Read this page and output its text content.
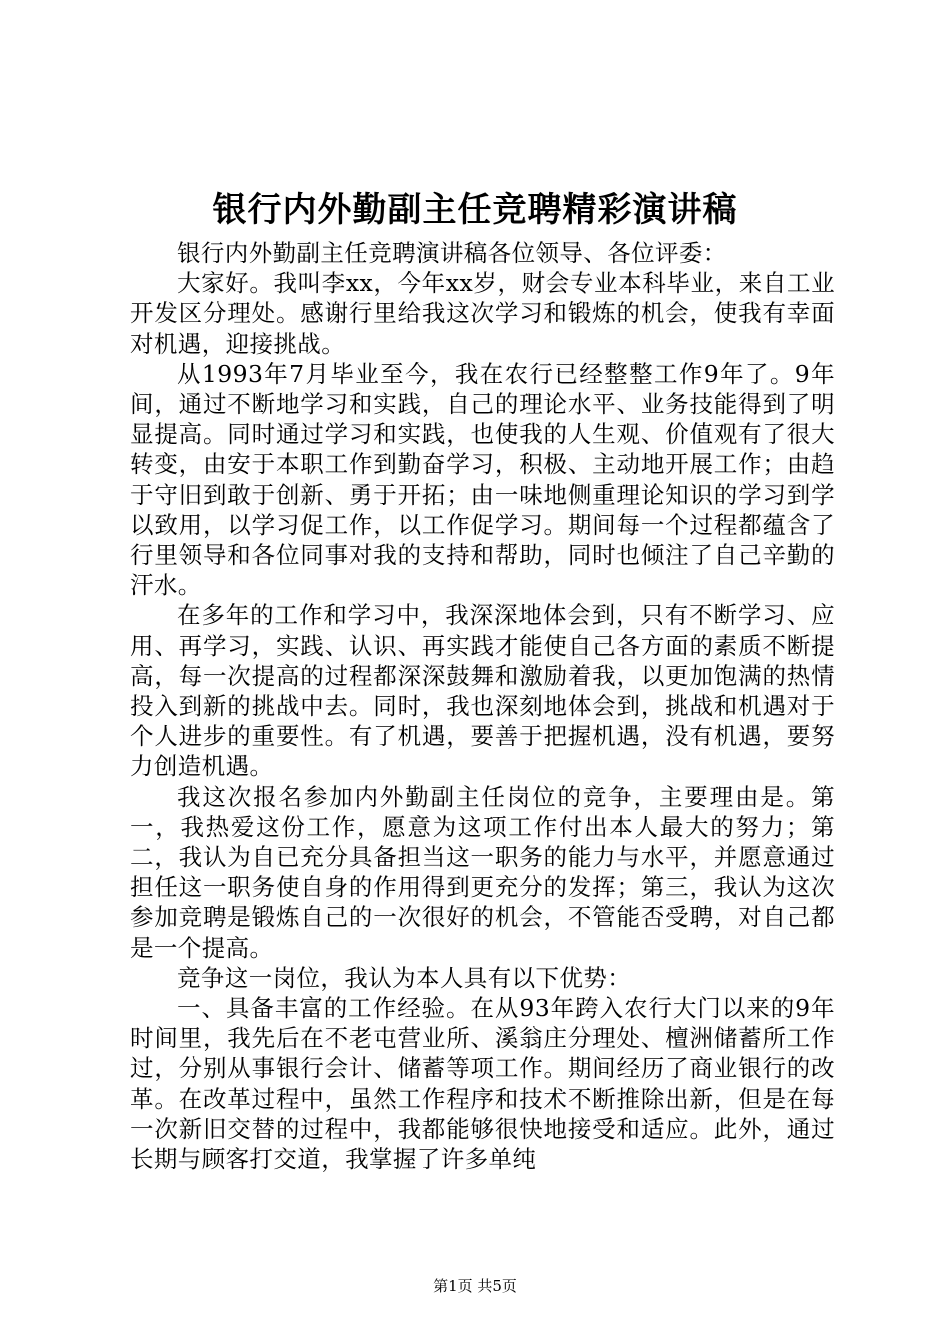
银行内外勤副主任竞聘精彩演讲稿

银行内外勤副主任竞聘演讲稿各位领导、各位评委：

大家好。我叫李xx，今年xx岁，财会专业本科毕业，来自工业开发区分理处。感谢行里给我这次学习和锻炼的机会，使我有幸面对机遇，迎接挑战。

从1993年7月毕业至今，我在农行已经整整工作9年了。9年间，通过不断地学习和实践，自己的理论水平、业务技能得到了明显提高。同时通过学习和实践，也使我的人生观、价值观有了很大转变，由安于本职工作到勤奋学习，积极、主动地开展工作；由趋于守旧到敢于创新、勇于开拓；由一味地侧重理论知识的学习到学以致用，以学习促工作，以工作促学习。期间每一个过程都蕴含了行里领导和各位同事对我的支持和帮助，同时也倾注了自己辛勤的汗水。

在多年的工作和学习中，我深深地体会到，只有不断学习、应用、再学习，实践、认识、再实践才能使自己各方面的素质不断提高，每一次提高的过程都深深鼓舞和激励着我，以更加饱满的热情投入到新的挑战中去。同时，我也深刻地体会到，挑战和机遇对于个人进步的重要性。有了机遇，要善于把握机遇，没有机遇，要努力创造机遇。

我这次报名参加内外勤副主任岗位的竞争，主要理由是。第一，我热爱这份工作，愿意为这项工作付出本人最大的努力；第二，我认为自已充分具备担当这一职务的能力与水平，并愿意通过担任这一职务使自身的作用得到更充分的发挥；第三，我认为这次参加竞聘是锻炼自己的一次很好的机会，不管能否受聘，对自己都是一个提高。

竞争这一岗位，我认为本人具有以下优势：

一、具备丰富的工作经验。在从93年跨入农行大门以来的9年时间里，我先后在不老屯营业所、溪翁庄分理处、檀洲储蓄所工作过，分别从事银行会计、储蓄等项工作。期间经历了商业银行的改革。在改革过程中，虽然工作程序和技术不断推除出新，但是在每一次新旧交替的过程中，我都能够很快地接受和适应。此外，通过长期与顾客打交道，我掌握了许多单纯

第1页 共5页
